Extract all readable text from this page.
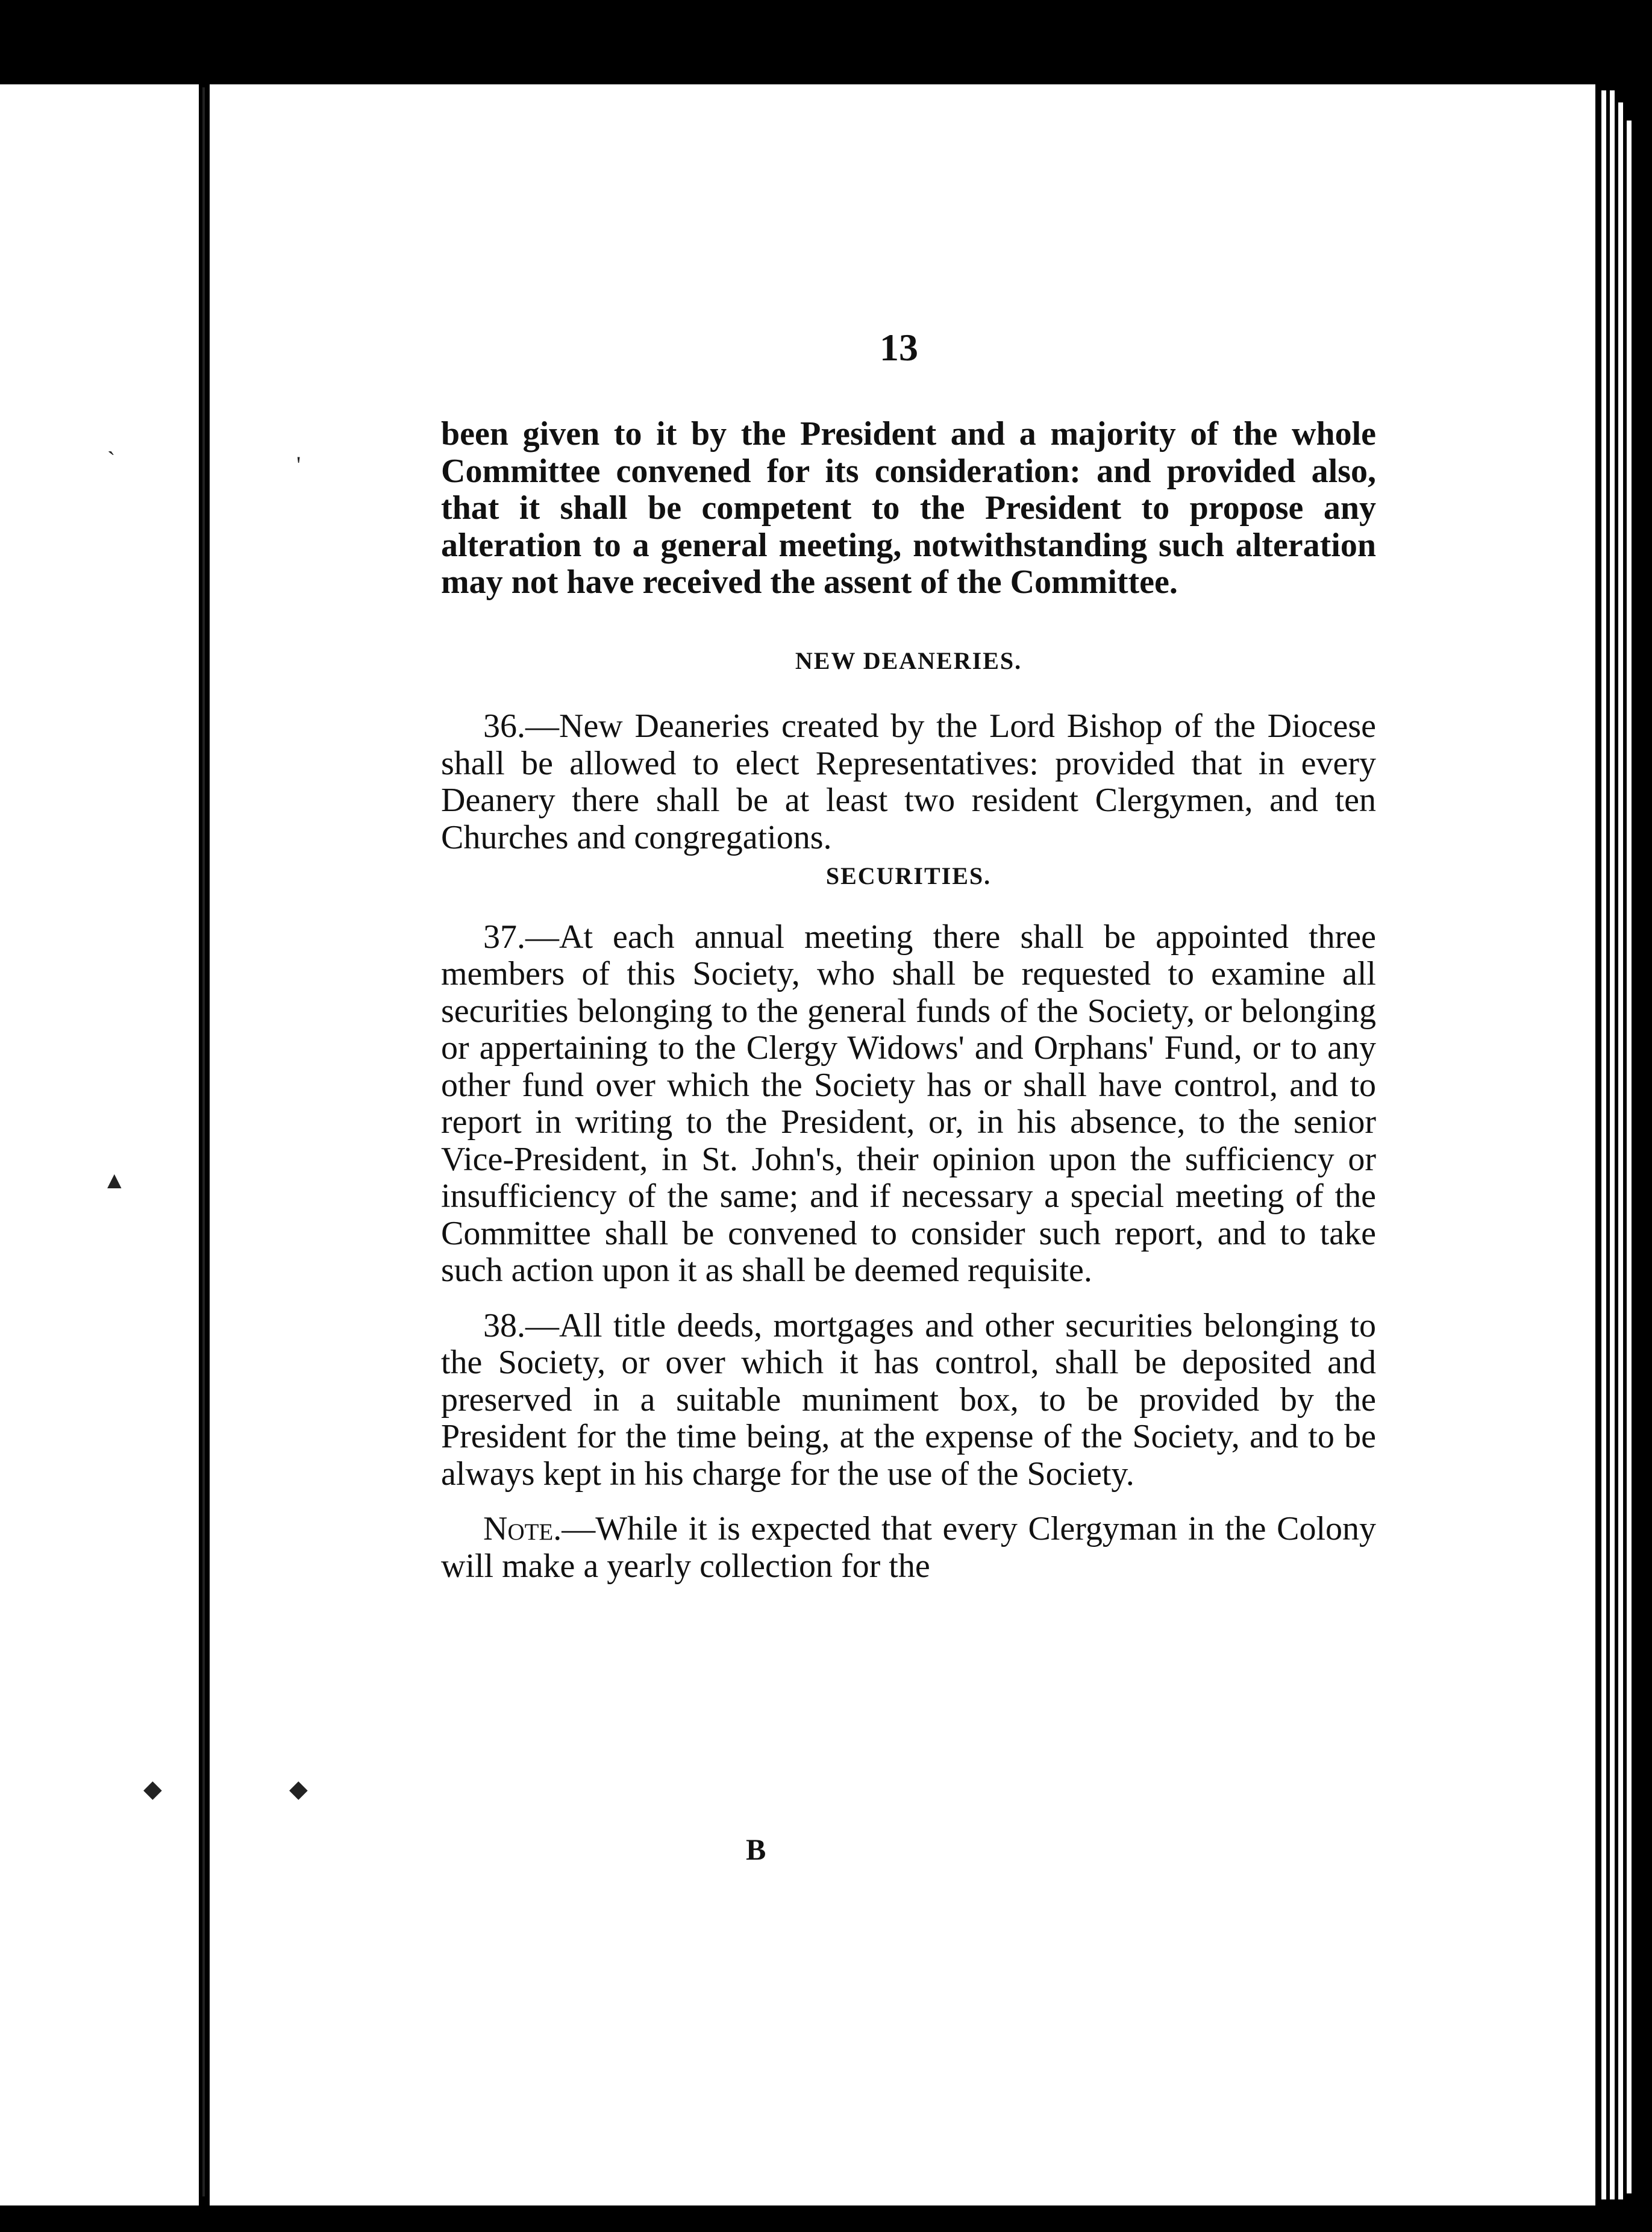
`	'
▲
◆	◆
13

been given to it by the President and a majority of the whole Committee convened for its consideration: and provided also, that it shall be competent to the President to propose any alteration to a general meeting, notwithstanding such alteration may not have received the assent of the Committee.

NEW DEANERIES.

36.—New Deaneries created by the Lord Bishop of the Diocese shall be allowed to elect Representatives: provided that in every Deanery there shall be at least two resident Clergymen, and ten Churches and congregations.

SECURITIES.

37.—At each annual meeting there shall be appointed three members of this Society, who shall be requested to examine all securities belonging to the general funds of the Society, or belonging or appertaining to the Clergy Widows' and Orphans' Fund, or to any other fund over which the Society has or shall have control, and to report in writing to the President, or, in his absence, to the senior Vice-President, in St. John's, their opinion upon the sufficiency or insufficiency of the same; and if necessary a special meeting of the Committee shall be convened to consider such report, and to take such action upon it as shall be deemed requisite.

38.—All title deeds, mortgages and other securities belonging to the Society, or over which it has control, shall be deposited and preserved in a suitable muniment box, to be provided by the President for the time being, at the expense of the Society, and to be always kept in his charge for the use of the Society.

Note.—While it is expected that every Clergyman in the Colony will make a yearly collection for the

B
